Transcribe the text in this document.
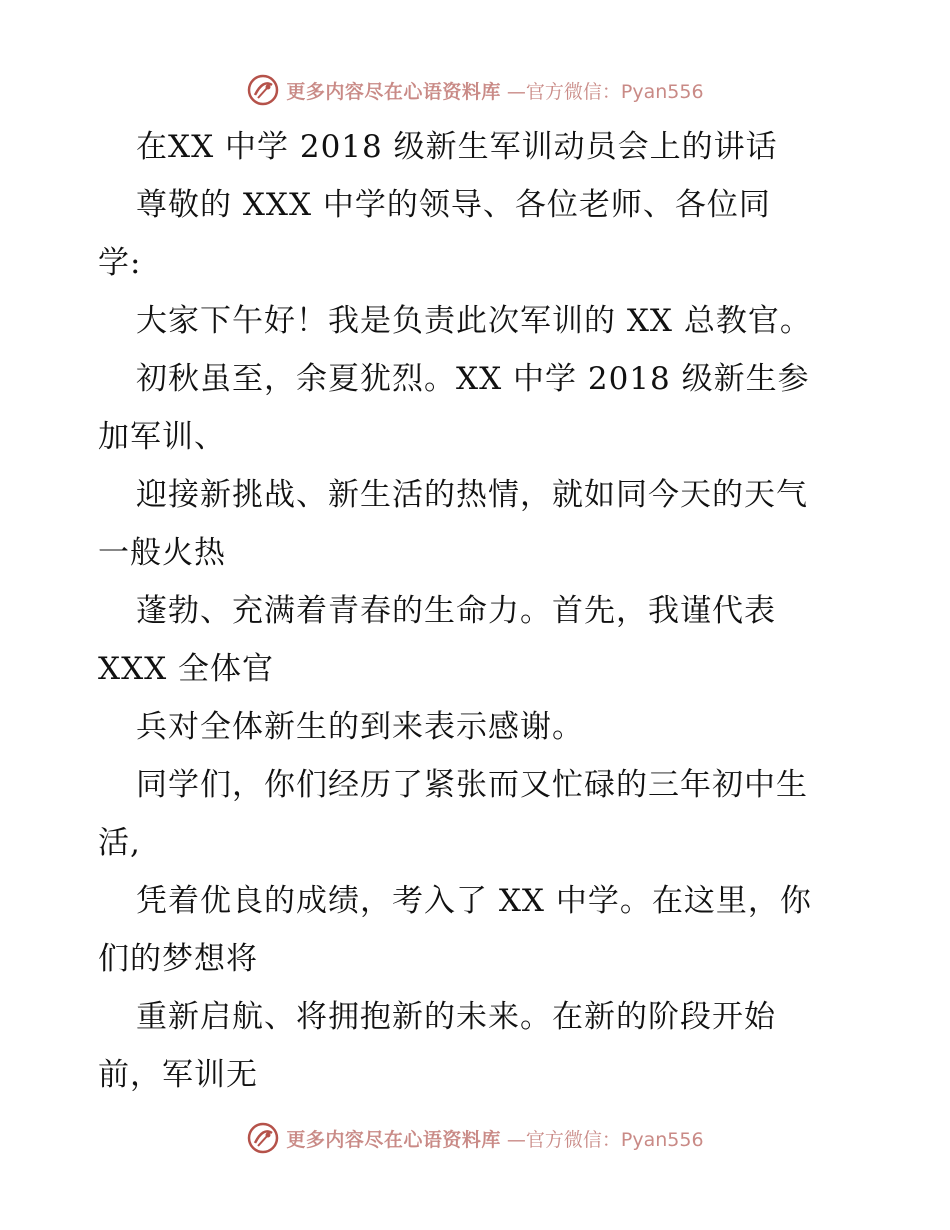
更多内容尽在心语资料库 —官方微信：Pyan556
在XX 中学 2018 级新生军训动员会上的讲话
尊敬的 XXX 中学的领导、各位老师、各位同
学:
大家下午好！我是负责此次军训的 XX 总教官。
初秋虽至，余夏犹烈。XX 中学 2018 级新生参
加军训、
迎接新挑战、新生活的热情，就如同今天的天气
一般火热
蓬勃、充满着青春的生命力。首先，我谨代表
XXX 全体官
兵对全体新生的到来表示感谢。
同学们，你们经历了紧张而又忙碌的三年初中生
活,
凭着优良的成绩，考入了 XX 中学。在这里，你
们的梦想将
重新启航、将拥抱新的未来。在新的阶段开始
前，军训无
更多内容尽在心语资料库 —官方微信：Pyan556
